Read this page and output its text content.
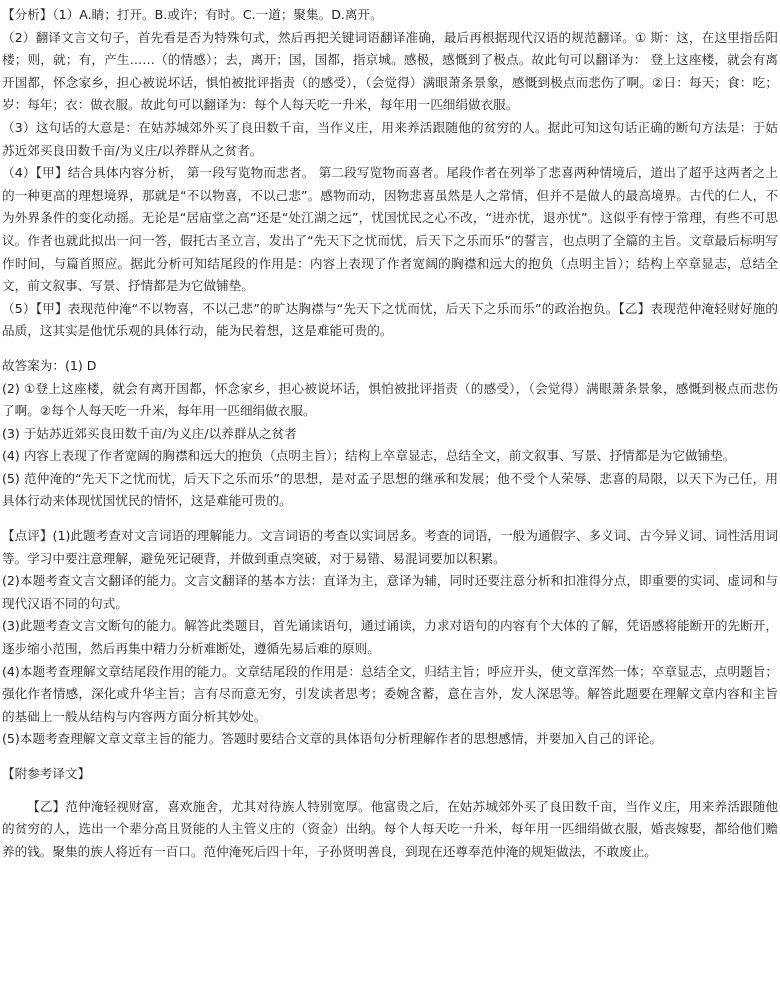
【分析】（1）A.睛；打开。B.或许；有时。C.一道；聚集。D.离开。

（2）翻译文言文句子，首先看是否为特殊句式，然后再把关键词语翻译准确，最后再根据现代汉语的规范翻译。① 斯：这，在这里指岳阳楼；则，就；有，产生……（的情感）；去，离开；国，国都，指京城。感极，感慨到了极点。故此句可以翻译为： 登上这座楼，就会有离开国都，怀念家乡，担心被说坏话，惧怕被批评指责（的感受），（会觉得）满眼萧条景象，感慨到极点而悲伤了啊。②日：每天；食：吃；岁：每年；衣：做衣服。故此句可以翻译为：每个人每天吃一升米，每年用一匹细绢做衣服。

（3）这句话的大意是：在姑苏城郊外买了良田数千亩，当作义庄，用来养活跟随他的贫穷的人。据此可知这句话正确的断句方法是：于姑苏近郊买良田数千亩/为义庄/以养群从之贫者。

（4）【甲】结合具体内容分析， 第一段写览物而悲者。 第二段写览物而喜者。尾段作者在列举了悲喜两种情境后，道出了超乎这两者之上的一种更高的理想境界，那就是“不以物喜，不以己悲”。感物而动，因物悲喜虽然是人之常情，但并不是做人的最高境界。古代的仁人，不为外界条件的变化动摇。无论是“居庙堂之高”还是“处江湖之远”，忧国忧民之心不改，“进亦忧，退亦忧”。这似乎有悖于常理，有些不可思议。作者也就此拟出一问一答，假托古圣立言，发出了“先天下之忧而忧，后天下之乐而乐”的誓言，也点明了全篇的主旨。文章最后标明写作时间，与篇首照应。据此分析可知结尾段的作用是：内容上表现了作者宽阔的胸襟和远大的抱负（点明主旨）；结构上卒章显志，总结全文，前文叙事、写景、抒情都是为它做铺垫。

（5）【甲】表现范仲淹“不以物喜，不以己悲”的旷达胸襟与“先天下之忧而忧，后天下之乐而乐”的政治抱负。【乙】表现范仲淹轻财好施的品质，这其实是他忧乐观的具体行动，能为民着想，这是难能可贵的。

故答案为：(1) D

(2) ①登上这座楼，就会有离开国都，怀念家乡，担心被说坏话，惧怕被批评指责（的感受），（会觉得）满眼萧条景象，感慨到极点而悲伤了啊。②每个人每天吃一升米，每年用一匹细绢做衣服。

(3) 于姑苏近郊买良田数千亩/为义庄/以养群从之贫者

(4) 内容上表现了作者宽阔的胸襟和远大的抱负（点明主旨）；结构上卒章显志，总结全文，前文叙事、写景、抒情都是为它做铺垫。

(5) 范仲淹的“先天下之忧而忧，后天下之乐而乐”的思想，是对孟子思想的继承和发展；他不受个人荣辱、悲喜的局限，以天下为己任，用具体行动来体现忧国忧民的情怀，这是难能可贵的。

【点评】(1)此题考查对文言词语的理解能力。文言词语的考查以实词居多。考查的词语，一般为通假字、多义词、古今异义词、词性活用词等。学习中要注意理解，避免死记硬背，并做到重点突破，对于易错、易混词要加以积累。

(2)本题考查文言文翻译的能力。文言文翻译的基本方法：直译为主，意译为辅，同时还要注意分析和扣准得分点，即重要的实词、虚词和与现代汉语不同的句式。

(3)此题考查文言文断句的能力。解答此类题目，首先诵读语句，通过诵读，力求对语句的内容有个大体的了解，凭语感将能断开的先断开，逐步缩小范围，然后再集中精力分析难断处，遵循先易后难的原则。

(4)本题考查理解文章结尾段作用的能力。文章结尾段的作用是：总结全文，归结主旨；呼应开头，使文章浑然一体；卒章显志，点明题旨；强化作者情感，深化或升华主旨；言有尽而意无穷，引发读者思考；委婉含蓄，意在言外，发人深思等。解答此题要在理解文章内容和主旨的基础上一般从结构与内容两方面分析其妙处。

(5)本题考查理解文章文章主旨的能力。答题时要结合文章的具体语句分析理解作者的思想感情，并要加入自己的评论。

【附参考译文】

【乙】范仲淹轻视财富，喜欢施舍，尤其对待族人特别宽厚。他富贵之后，在姑苏城郊外买了良田数千亩，当作义庄，用来养活跟随他的贫穷的人，选出一个辈分高且贤能的人主管义庄的（资金）出纳。每个人每天吃一升米，每年用一匹细绢做衣服，婚丧嫁娶，都给他们赡养的钱。聚集的族人将近有一百口。范仲淹死后四十年，子孙贤明善良，到现在还尊奉范仲淹的规矩做法，不敢废止。
